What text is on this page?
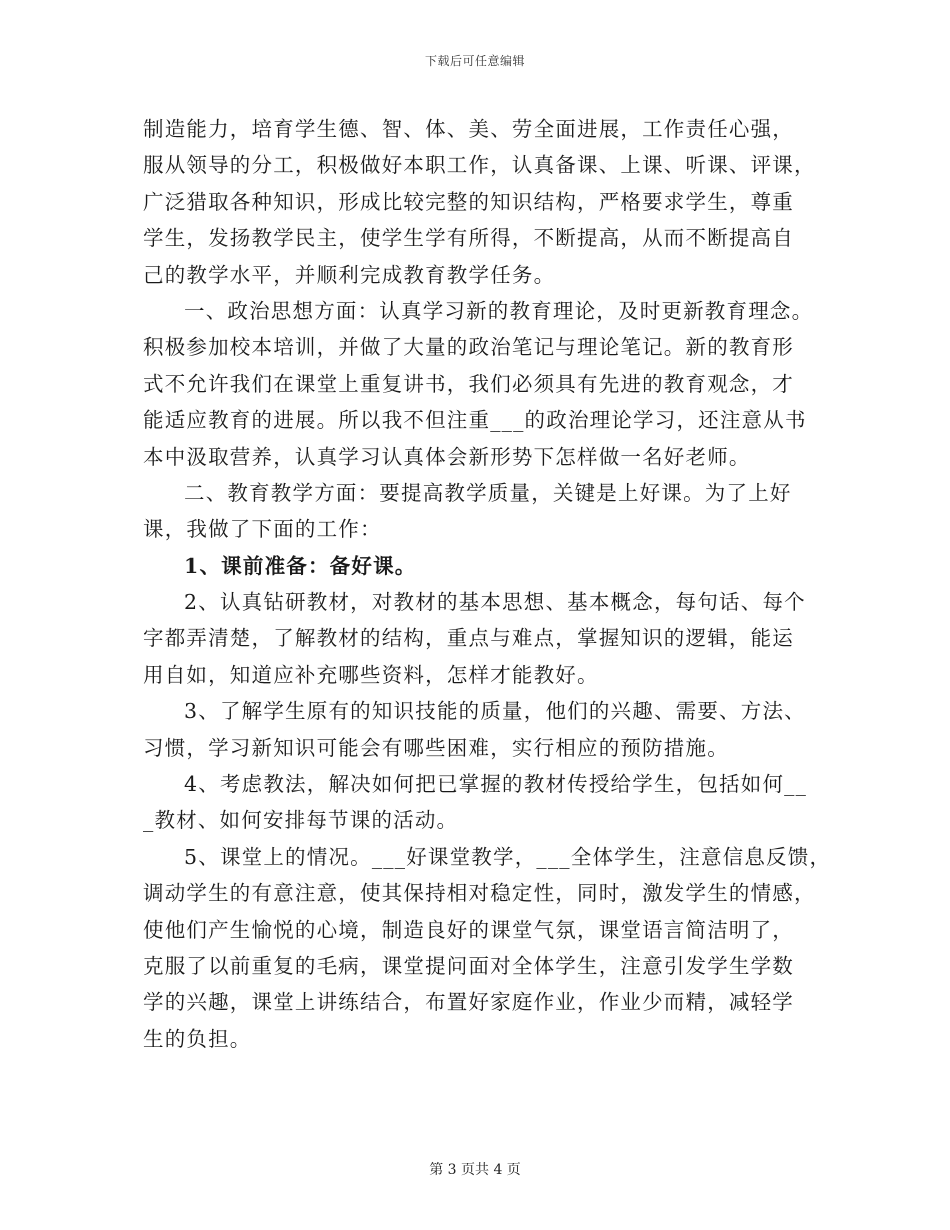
下载后可任意编辑
制造能力，培育学生德、智、体、美、劳全面进展，工作责任心强，
服从领导的分工，积极做好本职工作，认真备课、上课、听课、评课，
广泛猎取各种知识，形成比较完整的知识结构，严格要求学生，尊重
学生，发扬教学民主，使学生学有所得，不断提高，从而不断提高自
己的教学水平，并顺利完成教育教学任务。
一、政治思想方面：认真学习新的教育理论，及时更新教育理念。
积极参加校本培训，并做了大量的政治笔记与理论笔记。新的教育形
式不允许我们在课堂上重复讲书，我们必须具有先进的教育观念，才
能适应教育的进展。所以我不但注重___的政治理论学习，还注意从书
本中汲取营养，认真学习认真体会新形势下怎样做一名好老师。
二、教育教学方面：要提高教学质量，关键是上好课。为了上好
课，我做了下面的工作：
1、课前准备：备好课。
2、认真钻研教材，对教材的基本思想、基本概念，每句话、每个
字都弄清楚，了解教材的结构，重点与难点，掌握知识的逻辑，能运
用自如，知道应补充哪些资料，怎样才能教好。
3、了解学生原有的知识技能的质量，他们的兴趣、需要、方法、
习惯，学习新知识可能会有哪些困难，实行相应的预防措施。
4、考虑教法，解决如何把已掌握的教材传授给学生，包括如何__
_教材、如何安排每节课的活动。
5、课堂上的情况。___好课堂教学，___全体学生，注意信息反馈，
调动学生的有意注意，使其保持相对稳定性，同时，激发学生的情感，
使他们产生愉悦的心境，制造良好的课堂气氛，课堂语言简洁明了，
克服了以前重复的毛病，课堂提问面对全体学生，注意引发学生学数
学的兴趣，课堂上讲练结合，布置好家庭作业，作业少而精，减轻学
生的负担。
第 3 页共 4 页
